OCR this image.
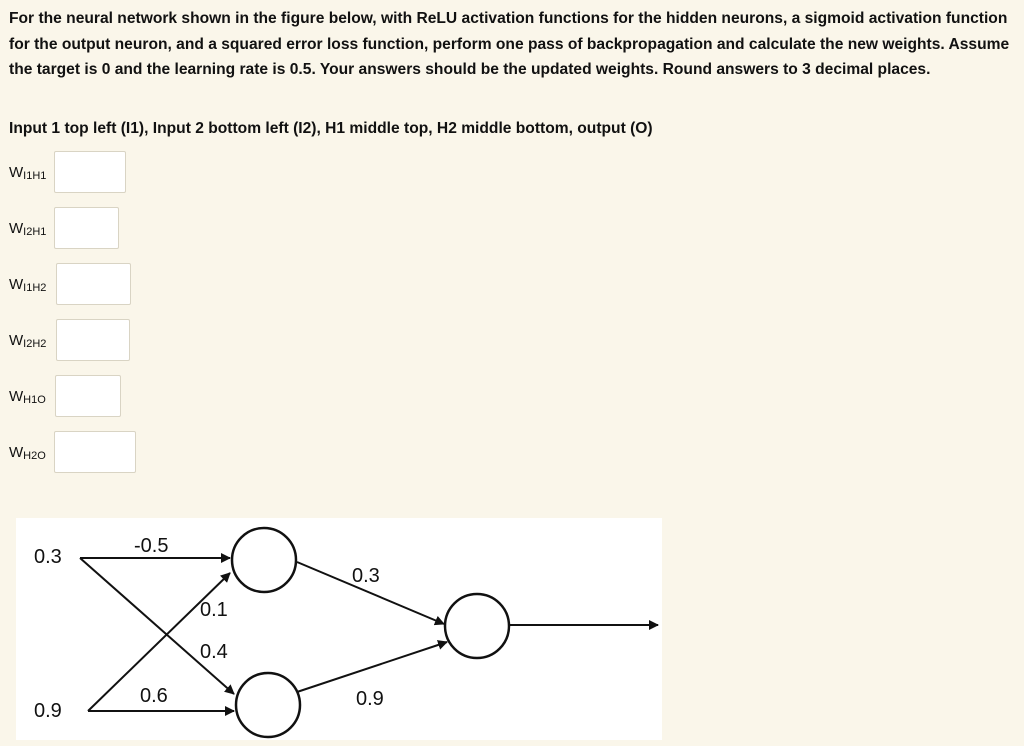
For the neural network shown in the figure below, with ReLU activation functions for the hidden neurons, a sigmoid activation function for the output neuron, and a squared error loss function, perform one pass of backpropagation and calculate the new weights. Assume the target is 0 and the learning rate is 0.5. Your answers should be the updated weights. Round answers to 3 decimal places.
Input 1 top left (I1), Input 2 bottom left (I2), H1 middle top, H2 middle bottom, output (O)
$W_{I1H1}$
$W_{I2H1}$
$W_{I1H2}$
$W_{I2H2}$
$W_{H1O}$
$W_{H2O}$
0.3
0.9
-0.5
0.1
0.4
0.6
0.3
0.9
